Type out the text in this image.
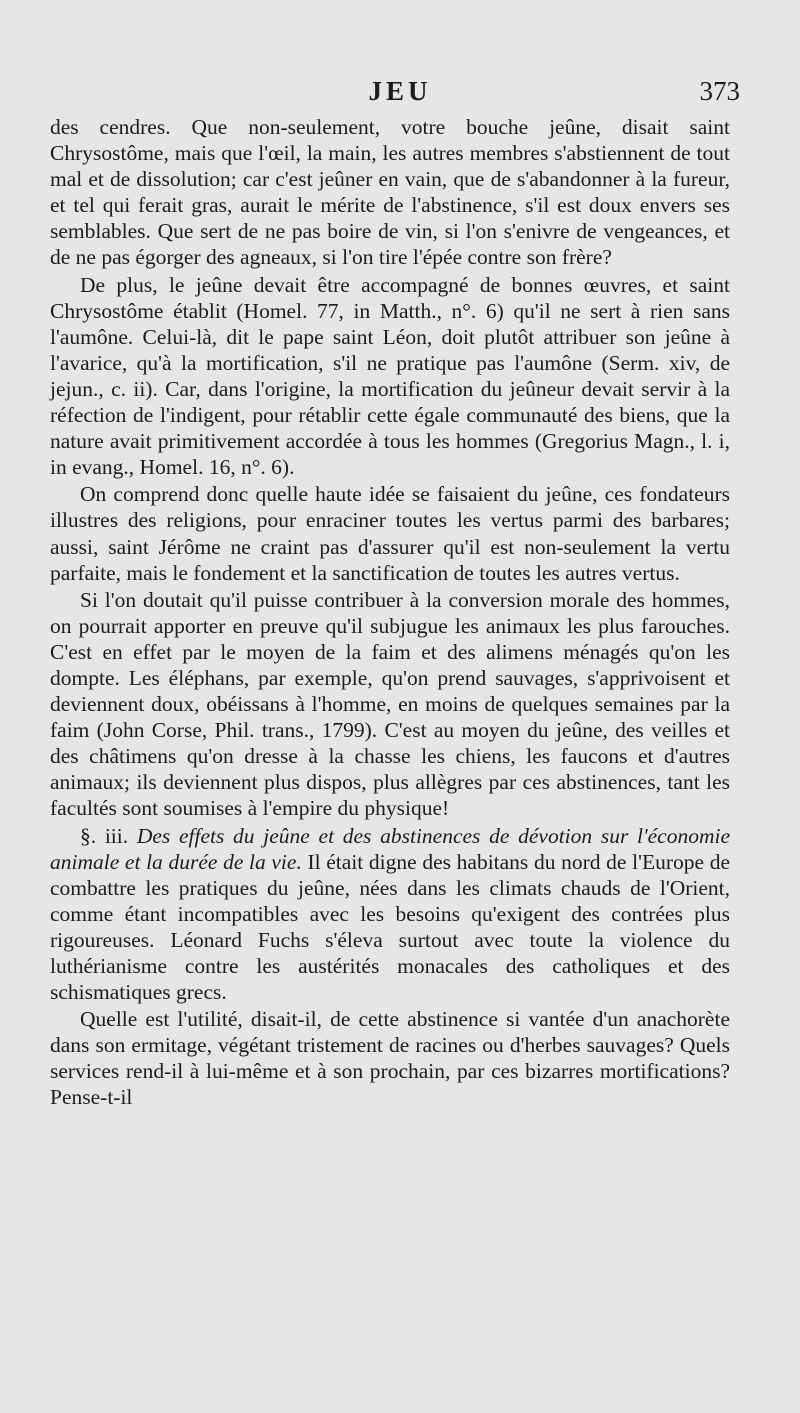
JEU	373

des cendres. Que non-seulement, votre bouche jeûne, disait saint Chrysostôme, mais que l'œil, la main, les autres membres s'abstiennent de tout mal et de dissolution; car c'est jeûner en vain, que de s'abandonner à la fureur, et tel qui ferait gras, aurait le mérite de l'abstinence, s'il est doux envers ses semblables. Que sert de ne pas boire de vin, si l'on s'enivre de vengeances, et de ne pas égorger des agneaux, si l'on tire l'épée contre son frère?

De plus, le jeûne devait être accompagné de bonnes œuvres, et saint Chrysostôme établit (Homel. 77, in Matth., n°. 6) qu'il ne sert à rien sans l'aumône. Celui-là, dit le pape saint Léon, doit plutôt attribuer son jeûne à l'avarice, qu'à la mortification, s'il ne pratique pas l'aumône (Serm. xiv, de jejun., c. ii). Car, dans l'origine, la mortification du jeûneur devait servir à la réfection de l'indigent, pour rétablir cette égale communauté des biens, que la nature avait primitivement accordée à tous les hommes (Gregorius Magn., l. i, in evang., Homel. 16, n°. 6).

On comprend donc quelle haute idée se faisaient du jeûne, ces fondateurs illustres des religions, pour enraciner toutes les vertus parmi des barbares; aussi, saint Jérôme ne craint pas d'assurer qu'il est non-seulement la vertu parfaite, mais le fondement et la sanctification de toutes les autres vertus.

Si l'on doutait qu'il puisse contribuer à la conversion morale des hommes, on pourrait apporter en preuve qu'il subjugue les animaux les plus farouches. C'est en effet par le moyen de la faim et des alimens ménagés qu'on les dompte. Les éléphans, par exemple, qu'on prend sauvages, s'apprivoisent et deviennent doux, obéissans à l'homme, en moins de quelques semaines par la faim (John Corse, Phil. trans., 1799). C'est au moyen du jeûne, des veilles et des châtimens qu'on dresse à la chasse les chiens, les faucons et d'autres animaux; ils deviennent plus dispos, plus allègres par ces abstinences, tant les facultés sont soumises à l'empire du physique!

§. iii. Des effets du jeûne et des abstinences de dévotion sur l'économie animale et la durée de la vie. Il était digne des habitans du nord de l'Europe de combattre les pratiques du jeûne, nées dans les climats chauds de l'Orient, comme étant incompatibles avec les besoins qu'exigent des contrées plus rigoureuses. Léonard Fuchs s'éleva surtout avec toute la violence du luthérianisme contre les austérités monacales des catholiques et des schismatiques grecs.

Quelle est l'utilité, disait-il, de cette abstinence si vantée d'un anachorète dans son ermitage, végétant tristement de racines ou d'herbes sauvages? Quels services rend-il à lui-même et à son prochain, par ces bizarres mortifications? Pense-t-il
